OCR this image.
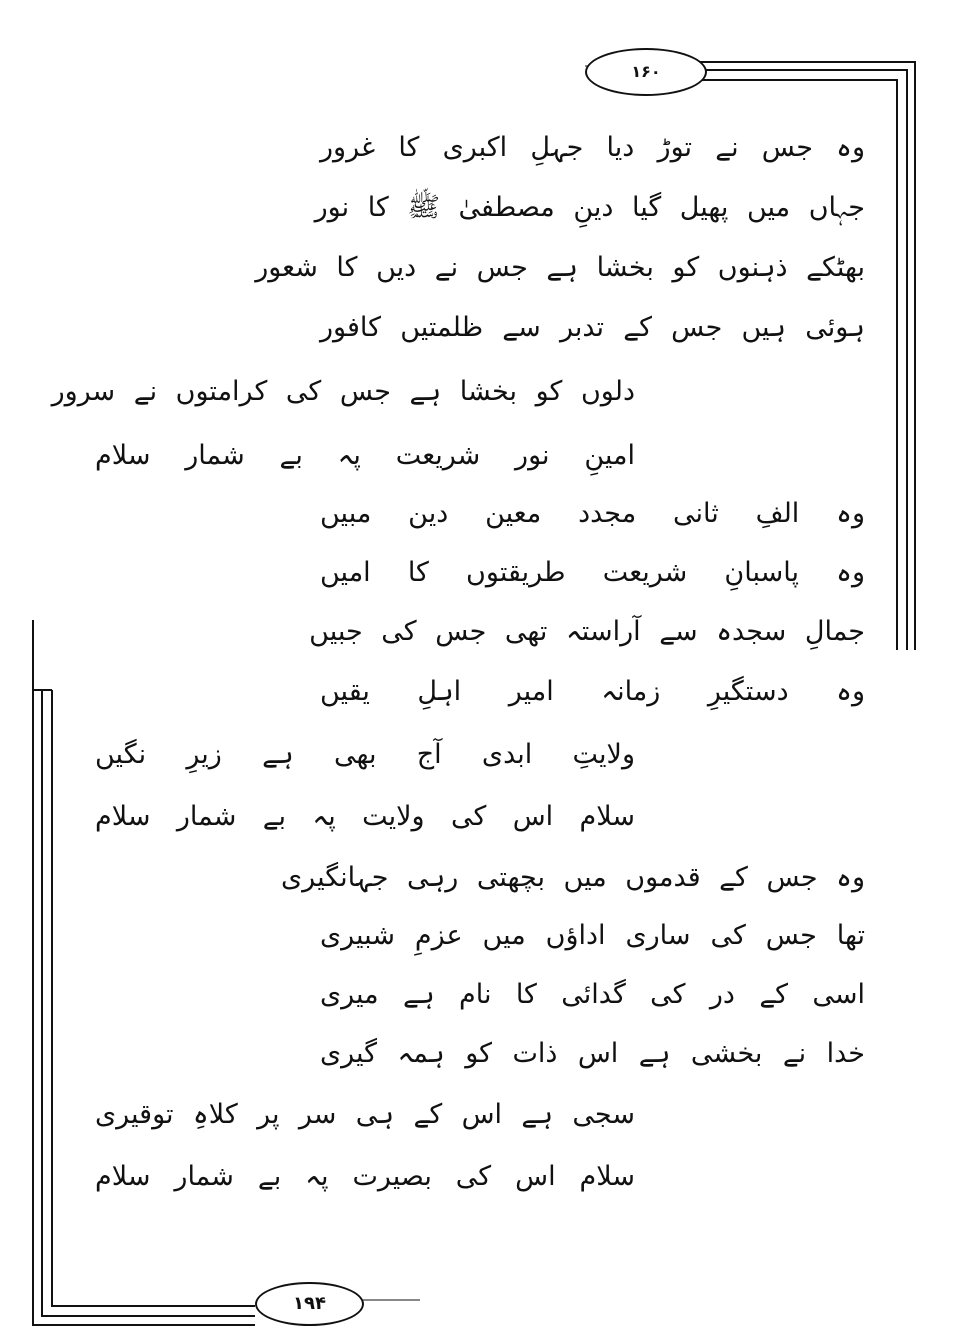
۱۶۰
وہ جس نے توڑ دیا جہلِ اکبری کا غرور
جہاں میں پھیل گیا دینِ مصطفیٰ ﷺ کا نور
بھٹکے ذہنوں کو بخشا ہے جس نے دیں کا شعور
ہوئی ہیں جس کے تدبر سے ظلمتیں کافور
دلوں کو بخشا ہے جس کی کرامتوں نے سرور
امینِ نور شریعت پہ بے شمار سلام
وہ الفِ ثانی مجدد معین دین مبیں
وہ پاسبانِ شریعت طریقتوں کا امیں
جمالِ سجدہ سے آراستہ تھی جس کی جبیں
وہ دستگیرِ زمانہ امیر اہلِ یقیں
ولایتِ ابدی آج بھی ہے زیرِ نگیں
سلام اس کی ولایت پہ بے شمار سلام
وہ جس کے قدموں میں بچھتی رہی جہانگیری
تھا جس کی ساری اداؤں میں عزمِ شبیری
اسی کے در کی گدائی کا نام ہے میری
خدا نے بخشی ہے اس ذات کو ہمہ گیری
سجی ہے اس کے ہی سر پر کلاہِ توقیری
سلام اس کی بصیرت پہ بے شمار سلام
۱۹۴
